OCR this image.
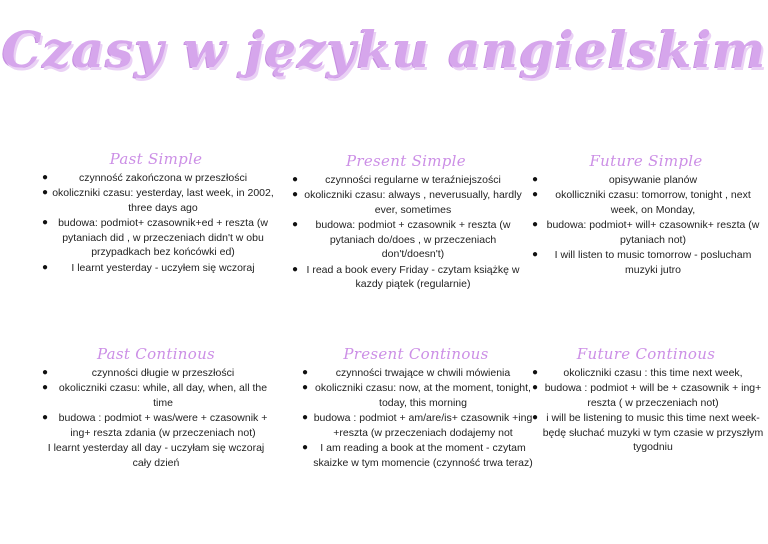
Czasy w języku angielskim
Past Simple
●	czynność zakończona w przeszłości
● okoliczniki czasu: yesterday, last week, in 2002, three days ago
● budowa: podmiot+ czasownik+ed + reszta (w pytaniach did , w przeczeniach didn't w obu przypadkach bez końcówki ed)
● I learnt yesterday - uczyłem się wczoraj
Present Simple
●	czynności regularne w teraźniejszości
● okoliczniki czasu: always , neverusually, hardly ever, sometimes
● budowa: podmiot + czasownik + reszta (w pytaniach do/does , w przeczeniach don't/doesn't)
● I read a book every Friday - czytam książkę w kazdy piątek (regularnie)
Future Simple
●	opisywanie planów
● okolliczniki czasu: tomorrow, tonight , next week, on Monday,
● budowa: podmiot+ will+ czasownik+ reszta (w pytaniach not)
● I will listen to music tomorrow - poslucham muzyki jutro
Past Continous
●	czynności długie w przeszłości
● okoliczniki czasu: while, all day, when, all the time
● budowa : podmiot + was/were + czasownik + ing+ reszta zdania (w przeczeniach not)

I learnt yesterday all day - uczyłam się wczoraj cały dzień

Present Continous
●	czynności trwające w chwili mówienia
● okoliczniki czasu: now, at the moment, tonight, today, this morning
● budowa : podmiot + am/are/is+ czasownik +ing +reszta (w przeczeniach dodajemy not
● I am reading a book at the moment - czytam skaizke w tym momencie (czynność trwa teraz)
Future Continous
● okoliczniki czasu : this time next week,
● budowa : podmiot + will be + czasownik + ing+ reszta ( w przeczeniach not)
● i will be listening to music this time next week- będę słuchać muzyki w tym czasie w przyszłym tygodniu
